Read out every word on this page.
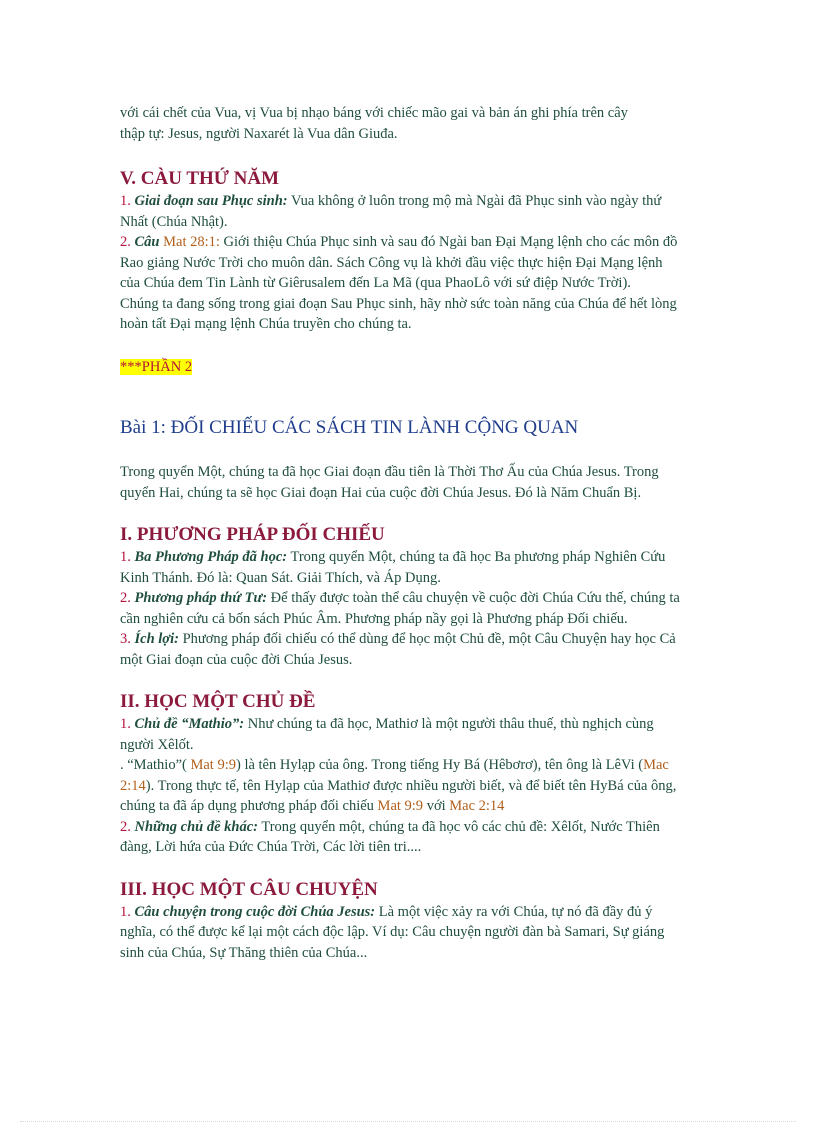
với cái chết của Vua, vị Vua bị nhạo báng với chiếc mão gai và bản án ghi phía trên cây
thập tự: Jesus, người Naxarét là Vua dân Giuđa.

V. CÀU THỨ NĂM

1. Giai đoạn sau Phục sinh: Vua không ở luôn trong mộ mà Ngài đã Phục sinh vào ngày thứ Nhất (Chúa Nhật).

2. Câu Mat 28:1: Giới thiệu Chúa Phục sinh và sau đó Ngài ban Đại Mạng lệnh cho các môn đồ Rao giảng Nước Trời cho muôn dân. Sách Công vụ là khởi đầu việc thực hiện Đại Mạng lệnh của Chúa đem Tin Lành từ Giêrusalem đến La Mã (qua PhaoLô với sứ điệp Nước Trời).

Chúng ta đang sống trong giai đoạn Sau Phục sinh, hãy nhờ sức toàn năng của Chúa để hết lòng hoàn tất Đại mạng lệnh Chúa truyền cho chúng ta.

***PHẦN 2

Bài 1: ĐỐI CHIẾU CÁC SÁCH TIN LÀNH CỘNG QUAN

Trong quyển Một, chúng ta đã học Giai đoạn đầu tiên là Thời Thơ Ấu của Chúa Jesus. Trong quyển Hai, chúng ta sẽ học Giai đoạn Hai của cuộc đời Chúa Jesus. Đó là Năm Chuẩn Bị.

I. PHƯƠNG PHÁP ĐỐI CHIẾU

1. Ba Phương Pháp đã học: Trong quyển Một, chúng ta đã học Ba phương pháp Nghiên Cứu Kinh Thánh. Đó là: Quan Sát. Giải Thích, và Áp Dụng.

2. Phương pháp thứ Tư: Để thấy được toàn thể câu chuyện về cuộc đời Chúa Cứu thế, chúng ta cần nghiên cứu cả bốn sách Phúc Âm. Phương pháp nầy gọi là Phương pháp Đối chiếu.

3. Ích lợi: Phương pháp đối chiếu có thể dùng để học một Chủ đề, một Câu Chuyện hay học Cả một Giai đoạn của cuộc đời Chúa Jesus.

II. HỌC MỘT CHỦ ĐỀ

1. Chủ đề “Mathio”: Như chúng ta đã học, Mathiơ là một người thâu thuế, thù nghịch cùng người Xêlốt.

. “Mathio”( Mat 9:9) là tên Hylạp của ông. Trong tiếng Hy Bá (Hêbơrơ), tên ông là LêVi (Mac 2:14). Trong thực tế, tên Hylạp của Mathiơ được nhiều người biết, và để biết tên HyBá của ông, chúng ta đã áp dụng phương pháp đối chiếu Mat 9:9 với Mac 2:14

2. Những chủ đề khác: Trong quyển một, chúng ta đã học vô các chủ đề: Xêlốt, Nước Thiên đàng, Lời hứa của Đức Chúa Trời, Các lời tiên tri....

III. HỌC MỘT CÂU CHUYỆN

1. Câu chuyện trong cuộc đời Chúa Jesus: Là một việc xảy ra với Chúa, tự nó đã đầy đủ ý nghĩa, có thể được kể lại một cách độc lập. Ví dụ: Câu chuyện người đàn bà Samari, Sự giáng sinh của Chúa, Sự Thăng thiên của Chúa...
